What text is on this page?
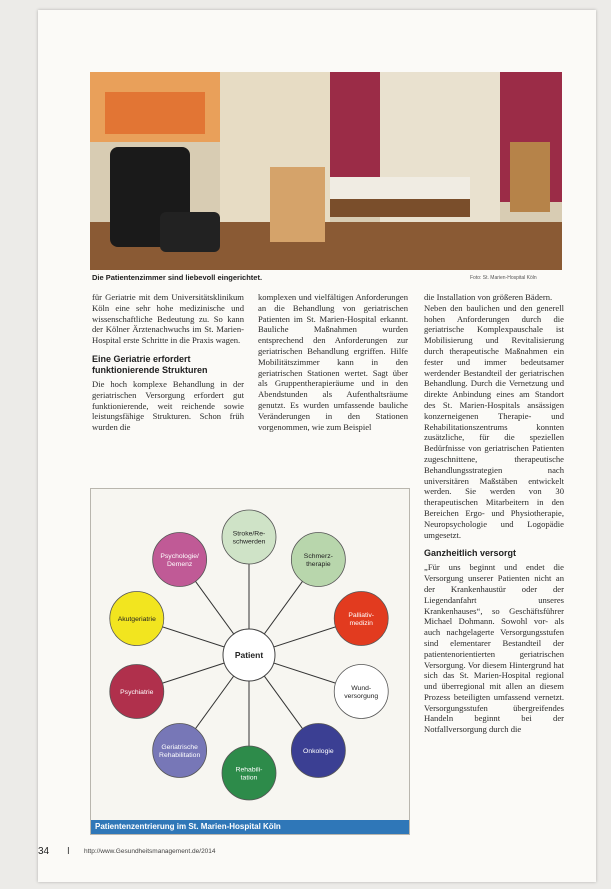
Die Patientenzimmer sind liebevoll eingerichtet.	Foto: St. Marien-Hospital Köln

für Geriatrie mit dem Universitätsklinikum Köln eine sehr hohe medizinische und wissenschaftliche Bedeutung zu. So kann der Kölner Ärztenachwuchs im St. Marien-Hospital erste Schritte in die Praxis wagen.

Eine Geriatrie erfordert funktionierende Strukturen

Die hoch komplexe Behandlung in der geriatrischen Versorgung erfordert gut funktionierende, weit reichende sowie leistungsfähige Strukturen. Schon früh wurden die

komplexen und vielfältigen Anforderungen an die Behandlung von geriatrischen Patienten im St. Marien-Hospital erkannt. Bauliche Maßnahmen wurden entsprechend den Anforderungen zur geriatrischen Behandlung ergriffen. Hilfe Mobilitätszimmer kann in den geriatrischen Stationen wertet. Sagt über als Gruppentherapieräume und in den Abendstunden als Aufenthaltsräume genutzt. Es wurden umfassende bauliche Veränderungen in den Stationen vorgenommen, wie zum Beispiel

die Installation von größeren Bädern.

Neben den baulichen und den generell hohen Anforderungen durch die geriatrische Komplexpauschale ist Mobilisierung und Revitalisierung durch therapeutische Maßnahmen ein fester und immer bedeutsamer werdender Bestandteil der geriatrischen Behandlung. Durch die Vernetzung und direkte Anbindung eines am Standort des St. Marien-Hospitals ansässigen konzerneigenen Therapie- und Rehabilitationszentrums konnten zusätzliche, für die speziellen Bedürfnisse von geriatrischen Patienten zugeschnittene, therapeutische Behandlungsstrategien nach universitären Maßstäben entwickelt werden. Sie werden von 30 therapeutischen Mitarbeitern in den Bereichen Ergo- und Physiotherapie, Neuropsychologie und Logopädie umgesetzt.

Ganzheitlich versorgt

„Für uns beginnt und endet die Versorgung unserer Patienten nicht an der Krankenhaustür oder der Liegendanfahrt unseres Krankenhauses“, so Geschäftsführer Michael Dohmann. Sowohl vor- als auch nachgelagerte Versorgungsstufen sind elementarer Bestandteil der patientenorientierten geriatrischen Versorgung. Vor diesem Hintergrund hat sich das St. Marien-Hospital regional und überregional mit allen an diesem Prozess beteiligten umfassend vernetzt. Versorgungsstufen übergreifendes Handeln beginnt bei der Notfallversorgung durch die

Patient
Stroke/Re-schwerden
Schmerz-therapie
Palliativ-medizin
Wund-versorgung
Onkologie
Rehabili-tation
Geriatrische Rehabilitation
Psychiatrie
Akutgeriatrie
Psychologie/ Demenz
Patientenzentrierung im St. Marien-Hospital Köln
34 I http://www.Gesundheitsmanagement.de/2014
